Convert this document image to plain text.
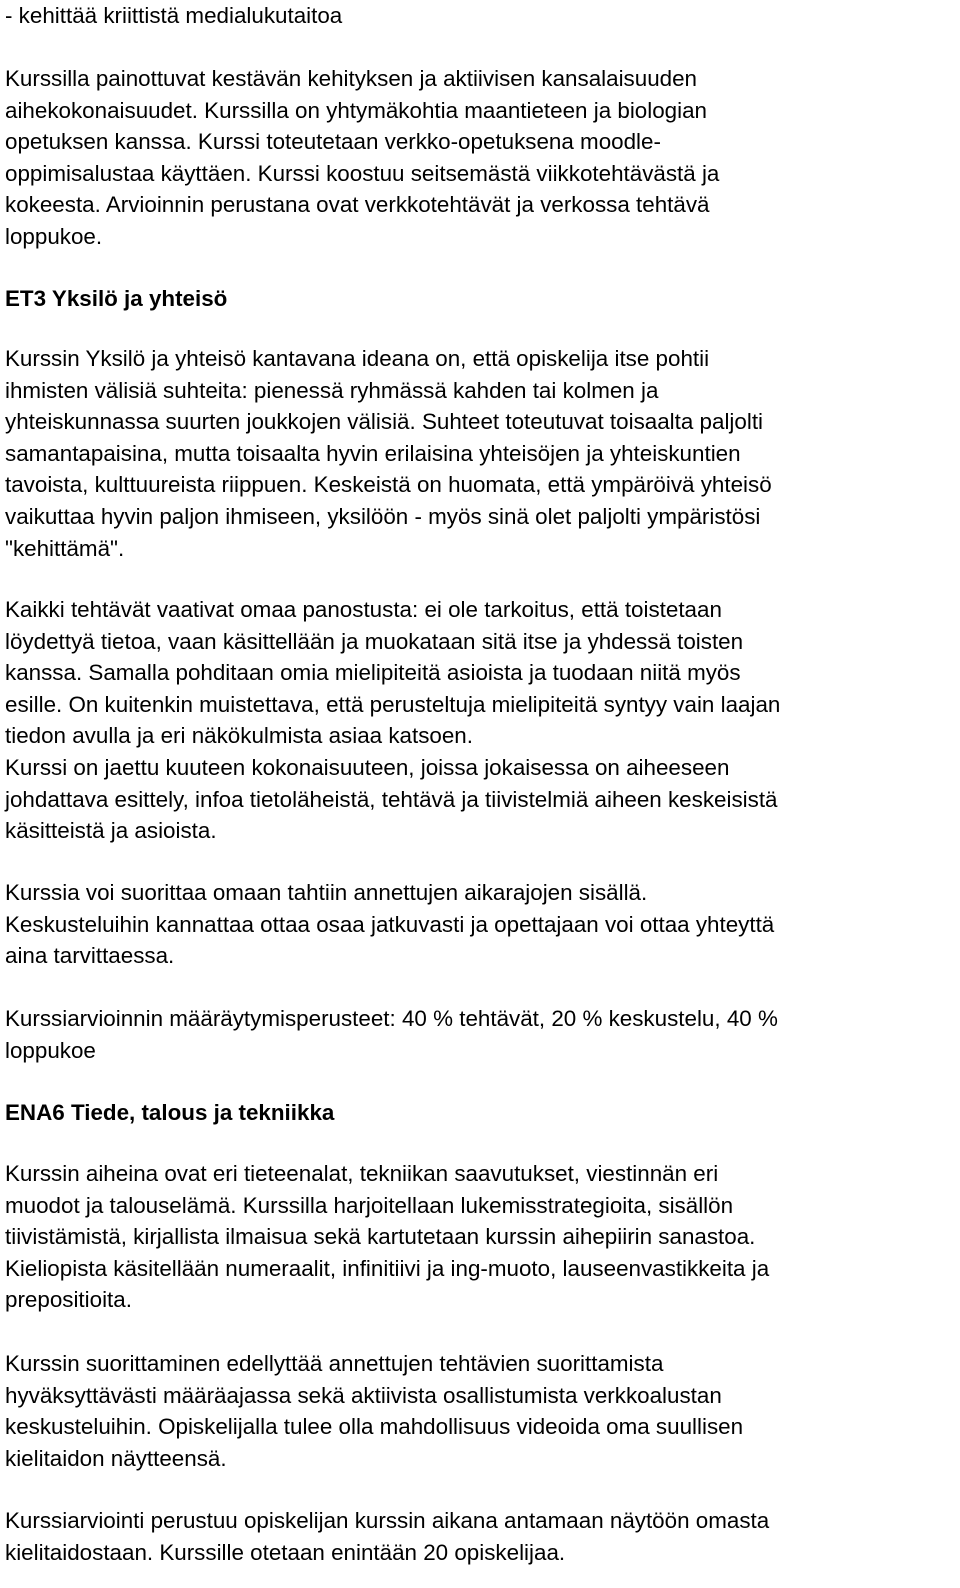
- kehittää kriittistä medialukutaitoa

Kurssilla painottuvat kestävän kehityksen ja aktiivisen kansalaisuuden
aihekokonaisuudet. Kurssilla on yhtymäkohtia maantieteen ja biologian
opetuksen kanssa. Kurssi toteutetaan verkko-opetuksena moodle-
oppimisalustaa käyttäen. Kurssi koostuu seitsemästä viikkotehtävästä ja
kokeesta. Arvioinnin perustana ovat verkkotehtävät ja verkossa tehtävä
loppukoe.

ET3 Yksilö ja yhteisö

Kurssin Yksilö ja yhteisö kantavana ideana on, että opiskelija itse pohtii
ihmisten välisiä suhteita: pienessä ryhmässä kahden tai kolmen ja
yhteiskunnassa suurten joukkojen välisiä. Suhteet toteutuvat toisaalta paljolti
samantapaisina, mutta toisaalta hyvin erilaisina yhteisöjen ja yhteiskuntien
tavoista, kulttuureista riippuen. Keskeistä on huomata, että ympäröivä yhteisö
vaikuttaa hyvin paljon ihmiseen, yksilöön - myös sinä olet paljolti ympäristösi
"kehittämä".

Kaikki tehtävät vaativat omaa panostusta: ei ole tarkoitus, että toistetaan
löydettyä tietoa, vaan käsittellään ja muokataan sitä itse ja yhdessä toisten
kanssa. Samalla pohditaan omia mielipiteitä asioista ja tuodaan niitä myös
esille. On kuitenkin muistettava, että perusteltuja mielipiteitä syntyy vain laajan
tiedon avulla ja eri näkökulmista asiaa katsoen.
Kurssi on jaettu kuuteen kokonaisuuteen, joissa jokaisessa on aiheeseen
johdattava esittely, infoa tietoläheistä, tehtävä ja tiivistelmiä aiheen keskeisistä
käsitteistä ja asioista.

Kurssia voi suorittaa omaan tahtiin annettujen aikarajojen sisällä.
Keskusteluihin kannattaa ottaa osaa jatkuvasti ja opettajaan voi ottaa yhteyttä
aina tarvittaessa.

Kurssiarvioinnin määräytymisperusteet: 40 % tehtävät, 20 % keskustelu, 40 %
loppukoe

ENA6 Tiede, talous ja tekniikka

Kurssin aiheina ovat eri tieteenalat, tekniikan saavutukset, viestinnän eri
muodot ja talouselämä. Kurssilla harjoitellaan lukemisstrategioita, sisällön
tiivistämistä, kirjallista ilmaisua sekä kartutetaan kurssin aihepiirin sanastoa.
Kieliopista käsitellään numeraalit, infinitiivi ja ing-muoto, lauseenvastikkeita ja
prepositioita.

Kurssin suorittaminen edellyttää annettujen tehtävien suorittamista
hyväksyttävästi määräajassa sekä aktiivista osallistumista verkkoalustan
keskusteluihin. Opiskelijalla tulee olla mahdollisuus videoida oma suullisen
kielitaidon näytteensä.

Kurssiarviointi perustuu opiskelijan kurssin aikana antamaan näytöön omasta
kielitaidostaan. Kurssille otetaan enintään 20 opiskelijaa.
